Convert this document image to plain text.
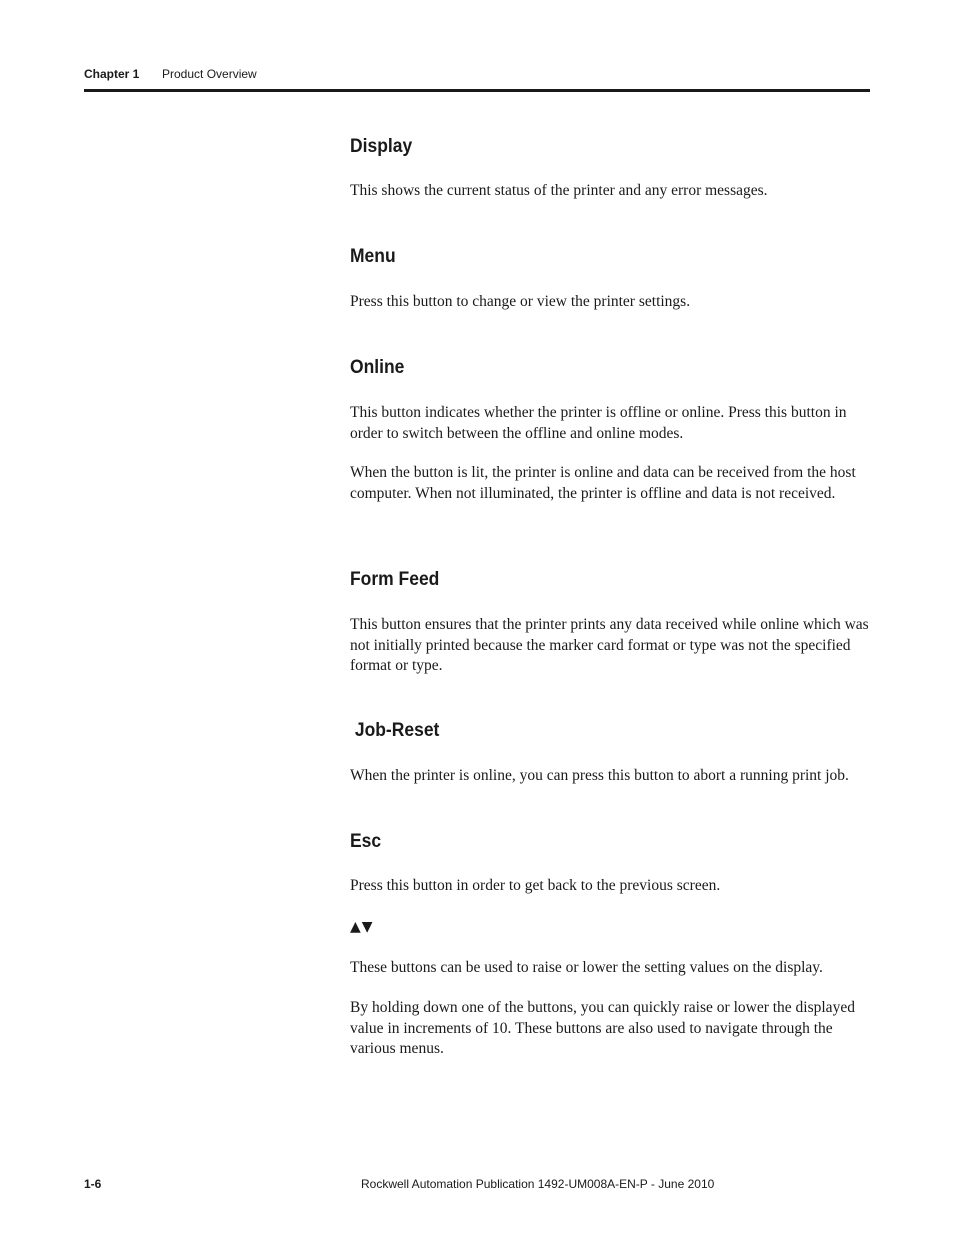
Chapter 1 Product Overview
Display

This shows the current status of the printer and any error messages.

Menu

Press this button to change or view the printer settings.

Online

This button indicates whether the printer is offline or online. Press this button in order to switch between the offline and online modes.

When the button is lit, the printer is online and data can be received from the host computer. When not illuminated, the printer is offline and data is not received.

Form Feed

This button ensures that the printer prints any data received while online which was not initially printed because the marker card format or type was not the specified format or type.

Job-Reset

When the printer is online, you can press this button to abort a running print job.

Esc

Press this button in order to get back to the previous screen.

▲▼

These buttons can be used to raise or lower the setting values on the display.

By holding down one of the buttons, you can quickly raise or lower the displayed value in increments of 10. These buttons are also used to navigate through the various menus.

1-6	Rockwell Automation Publication 1492-UM008A-EN-P - June 2010
